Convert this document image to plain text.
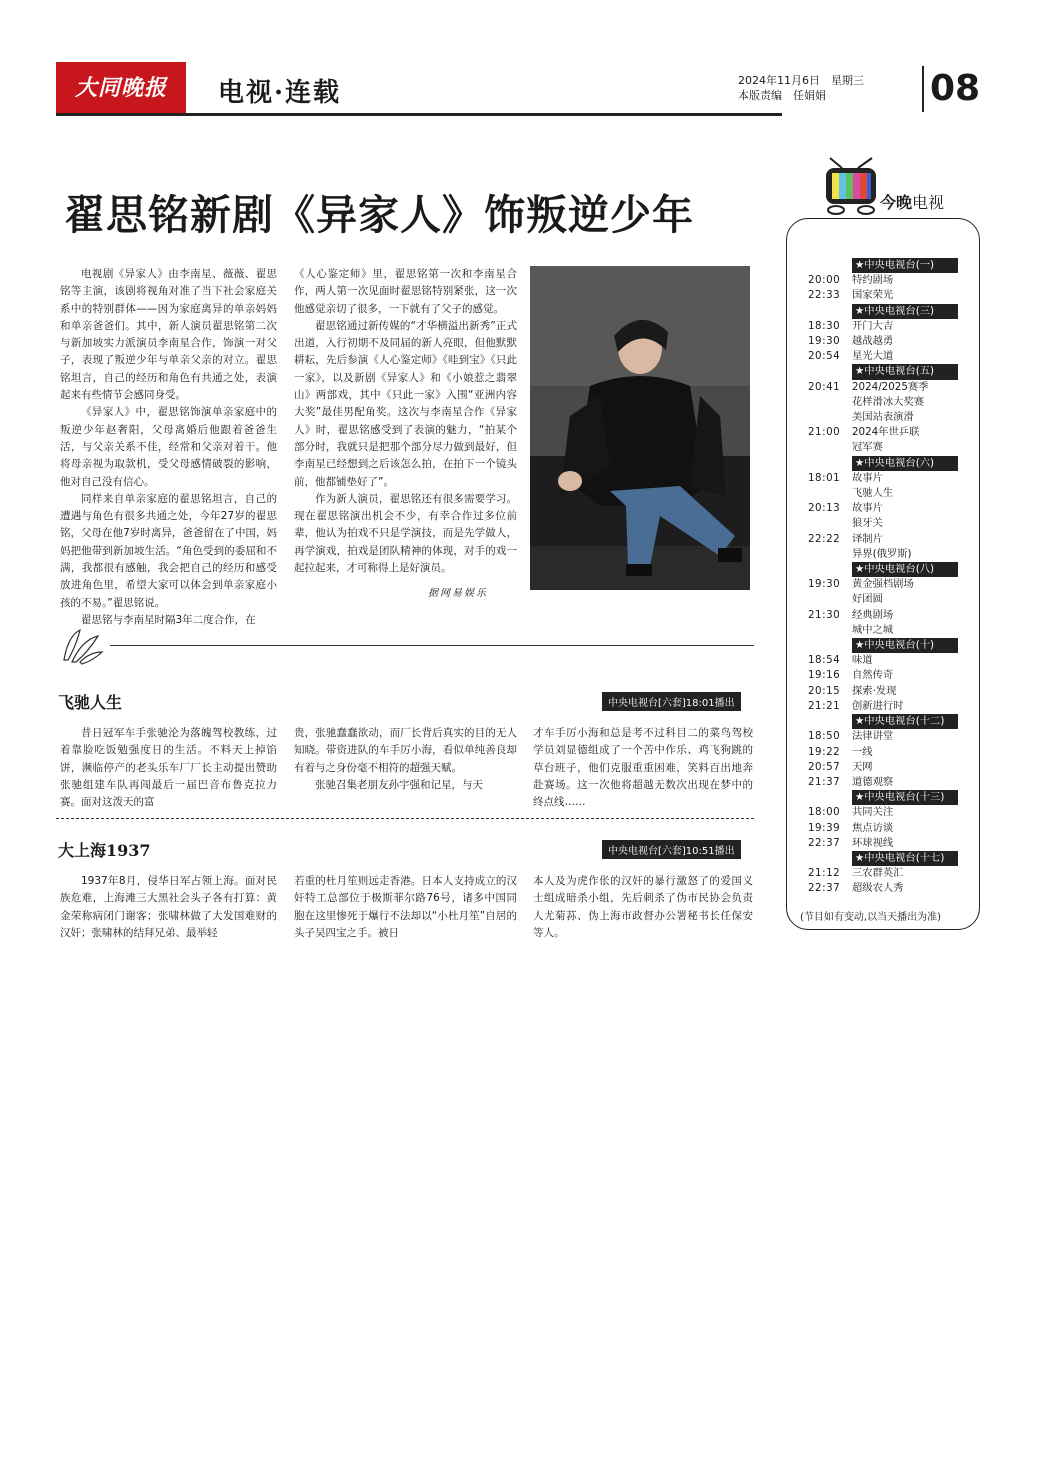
大同晚报	电视·连载	2024年11月6日　星期三
本版责编　任娟娟	08
翟思铭新剧《异家人》饰叛逆少年

电视剧《异家人》由李南星、薇薇、翟思铭等主演，该剧将视角对准了当下社会家庭关系中的特别群体——因为家庭离异的单亲妈妈和单亲爸爸们。其中，新人演员翟思铭第二次与新加坡实力派演员李南星合作，饰演一对父子，表现了叛逆少年与单亲父亲的对立。翟思铭坦言，自己的经历和角色有共通之处，表演起来有些情节会感同身受。

《异家人》中，翟思铭饰演单亲家庭中的叛逆少年赵奢阳，父母离婚后他跟着爸爸生活，与父亲关系不佳，经常和父亲对着干。他将母亲视为取款机，受父母感情破裂的影响，他对自己没有信心。

同样来自单亲家庭的翟思铭坦言，自己的遭遇与角色有很多共通之处，今年27岁的翟思铭，父母在他7岁时离异，爸爸留在了中国，妈妈把他带到新加坡生活。“角色受到的委屈和不满，我都很有感触，我会把自己的经历和感受放进角色里，希望大家可以体会到单亲家庭小孩的不易。”翟思铭说。

翟思铭与李南星时隔3年二度合作，在

《人心鉴定师》里，翟思铭第一次和李南星合作，两人第一次见面时翟思铭特别紧张，这一次他感觉亲切了很多，一下就有了父子的感觉。

翟思铭通过新传媒的“才华横溢出新秀”正式出道，入行初期不及同届的新人亮眼，但他默默耕耘，先后参演《人心鉴定师》《哇到宝》《只此一家》，以及新剧《异家人》和《小娘惹之翡翠山》两部戏，其中《只此一家》入围“亚洲内容大奖”最佳男配角奖。这次与李南星合作《异家人》时，翟思铭感受到了表演的魅力，“拍某个部分时，我就只是把那个部分尽力做到最好，但李南星已经想到之后该怎么拍，在拍下一个镜头前，他都铺垫好了”。

作为新人演员，翟思铭还有很多需要学习。现在翟思铭演出机会不少，有幸合作过多位前辈，他认为拍戏不只是学演技，而是先学做人，再学演戏，拍戏是团队精神的体现，对手的戏一起拉起来，才可称得上是好演员。

据网易娱乐
飞驰人生	中央电视台[六套]18:01播出

昔日冠军车手张驰沦为落魄驾校教练，过着靠脸吃饭勉强度日的生活。不料天上掉馅饼，濒临停产的老头乐车厂厂长主动提出赞助张驰组建车队再闯最后一届巴音布鲁克拉力赛。面对这泼天的富

贵，张驰蠢蠢欲动，而厂长背后真实的目的无人知晓。带资进队的车手厉小海，看似单纯善良却有着与之身份毫不相符的超强天赋。

张驰召集老朋友孙宇强和记星，与天

才车手厉小海和总是考不过科目二的菜鸟驾校学员刘显德组成了一个苦中作乐、鸡飞狗跳的草台班子，他们克服重重困难，笑料百出地奔赴赛场。这一次他将超越无数次出现在梦中的终点线……

大上海1937	中央电视台[六套]10:51播出

1937年8月，侵华日军占领上海。面对民族危难，上海滩三大黑社会头子各有打算：黄金荣称病闭门谢客；张啸林做了大发国难财的汉奸；张啸林的结拜兄弟、最举轻

若重的杜月笙则远走香港。日本人支持成立的汉奸特工总部位于极斯菲尔路76号，诸多中国同胞在这里惨死于爆行不法却以“小杜月笙”自居的头子吴四宝之手。被日

本人及为虎作伥的汉奸的暴行激怒了的爱国义士组成暗杀小组，先后刺杀了伪市民协会负责人尤菊荪、伪上海市政督办公署秘书长任保安等人。

今晚电视
★中央电视台(一)
20:00	特约剧场
22:33	国家荣光
★中央电视台(三)
18:30	开门大吉
19:30	越战越勇
20:54	星光大道
★中央电视台(五)
20:41	2024/2025赛季
花样滑冰大奖赛
美国站表演滑
21:00	2024年世乒联
冠军赛
★中央电视台(六)
18:01	故事片
飞驰人生
20:13	故事片
狼牙关
22:22	译制片
异界(俄罗斯)
★中央电视台(八)
19:30	黄金强档剧场
好团圆
21:30	经典剧场
城中之城
★中央电视台(十)
18:54	味道
19:16	自然传奇
20:15	探索·发现
21:21	创新进行时
★中央电视台(十二)
18:50	法律讲堂
19:22	一线
20:57	天网
21:37	道德观察
★中央电视台(十三)
18:00	共同关注
19:39	焦点访谈
22:37	环球视线
★中央电视台(十七)
21:12	三农群英汇
22:37	超级农人秀
(节目如有变动,以当天播出为准)
